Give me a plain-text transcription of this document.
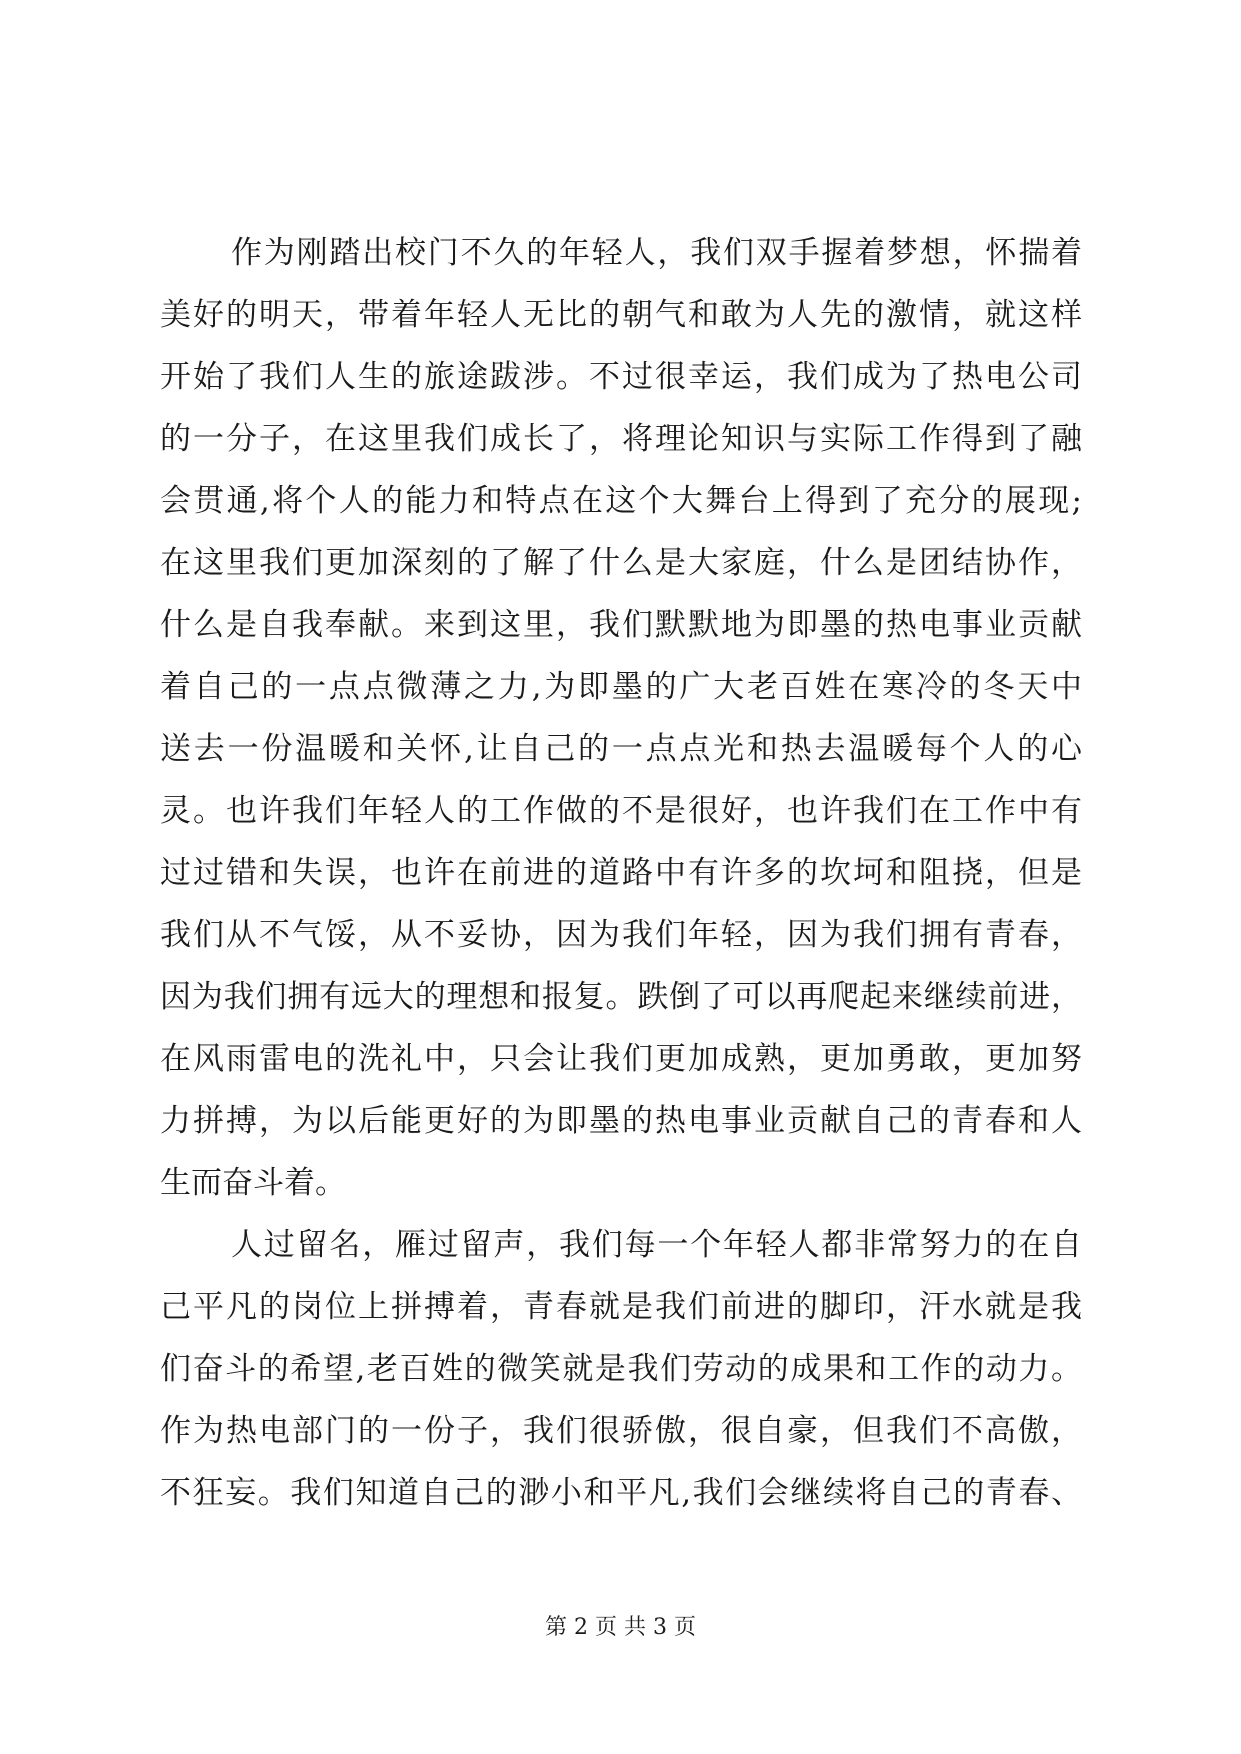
作为刚踏出校门不久的年轻人，我们双手握着梦想，怀揣着
美好的明天，带着年轻人无比的朝气和敢为人先的激情，就这样
开始了我们人生的旅途跋涉。不过很幸运，我们成为了热电公司
的一分子，在这里我们成长了，将理论知识与实际工作得到了融
会贯通,将个人的能力和特点在这个大舞台上得到了充分的展现;
在这里我们更加深刻的了解了什么是大家庭，什么是团结协作，
什么是自我奉献。来到这里，我们默默地为即墨的热电事业贡献
着自己的一点点微薄之力,为即墨的广大老百姓在寒冷的冬天中
送去一份温暖和关怀,让自己的一点点光和热去温暖每个人的心
灵。也许我们年轻人的工作做的不是很好，也许我们在工作中有
过过错和失误，也许在前进的道路中有许多的坎坷和阻挠，但是
我们从不气馁，从不妥协，因为我们年轻，因为我们拥有青春，
因为我们拥有远大的理想和报复。跌倒了可以再爬起来继续前进，
在风雨雷电的洗礼中，只会让我们更加成熟，更加勇敢，更加努
力拼搏，为以后能更好的为即墨的热电事业贡献自己的青春和人
生而奋斗着。
人过留名，雁过留声，我们每一个年轻人都非常努力的在自
己平凡的岗位上拼搏着，青春就是我们前进的脚印，汗水就是我
们奋斗的希望,老百姓的微笑就是我们劳动的成果和工作的动力。
作为热电部门的一份子，我们很骄傲，很自豪，但我们不高傲，
不狂妄。我们知道自己的渺小和平凡,我们会继续将自己的青春、
第 2 页 共 3 页
